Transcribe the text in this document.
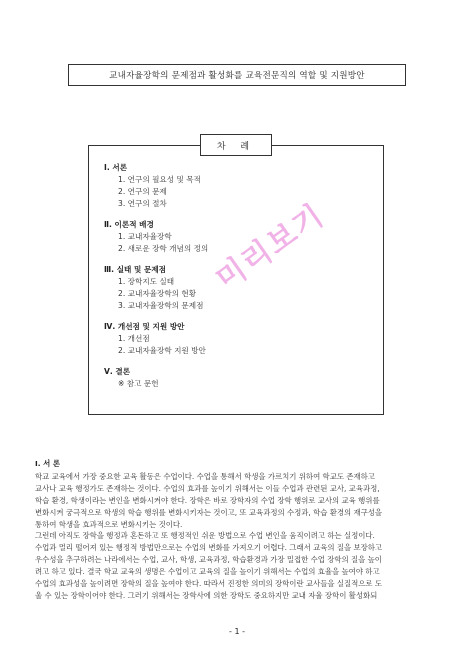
교내자율장학의 문제점과 활성화를 교육전문직의 역할 및 지원방안
차 례
Ⅰ. 서론
1. 연구의 필요성 및 목적
2. 연구의 문제
3. 연구의 절차
Ⅱ. 이론적 배경
1. 교내자율장학
2. 새로운 장학 개념의 정의
Ⅲ. 실태 및 문제점
1. 장학지도 실태
2. 교내자율장학의 현황
3. 교내자율장학의 문제점
Ⅳ. 개선점 및 지원 방안
1. 개선점
2. 교내자율장학 지원 방안
Ⅴ. 결론
※ 참고 문헌
미리보기
Ⅰ. 서 론
학교 교육에서 가장 중요한 교육 활동은 수업이다. 수업을 통해서 학생을 가르치기 위하여 학교도 존재하고
교사나 교육 행정가도 존재하는 것이다. 수업의 효과를 높이기 위해서는 이들 수업과 관련된 교사, 교육과정,
학습 환경, 학생이라는 변인을 변화시켜야 한다. 장학은 바로 장학자의 수업 장학 행위로 교사의 교육 행위를
변화시켜 궁극적으로 학생의 학습 행위를 변화시키자는 것이고, 또 교육과정의 수정과, 학습 환경의 재구성을
통하여 학생을 효과적으로 변화시키는 것이다.
그런데 아직도 장학을 행정과 혼돈하고 또 행정적인 쉬운 방법으로 수업 변인을 움직이려고 하는 실정이다.
수업과 멀리 떨어져 있는 행정적 방법만으로는 수업의 변화를 가져오기 어렵다. 그래서 교육의 질을 보장하고
우수성을 추구하려는 나라에서는 수업, 교사, 학생, 교육과정, 학습환경과 가장 밀접한 수업 장학의 질을 높이
려고 하고 있다. 결국 학교 교육의 생명은 수업이고 교육의 질을 높이기 위해서는 수업의 효율을 높여야 하고
수업의 효과성을 높이려면 장학의 질을 높여야 한다. 따라서 진정한 의미의 장학이란 교사들을 실질적으로 도
울 수 있는 장학이어야 한다. 그러기 위해서는 장학사에 의한 장학도 중요하지만 교내 자율 장학이 활성화되
- 1 -
